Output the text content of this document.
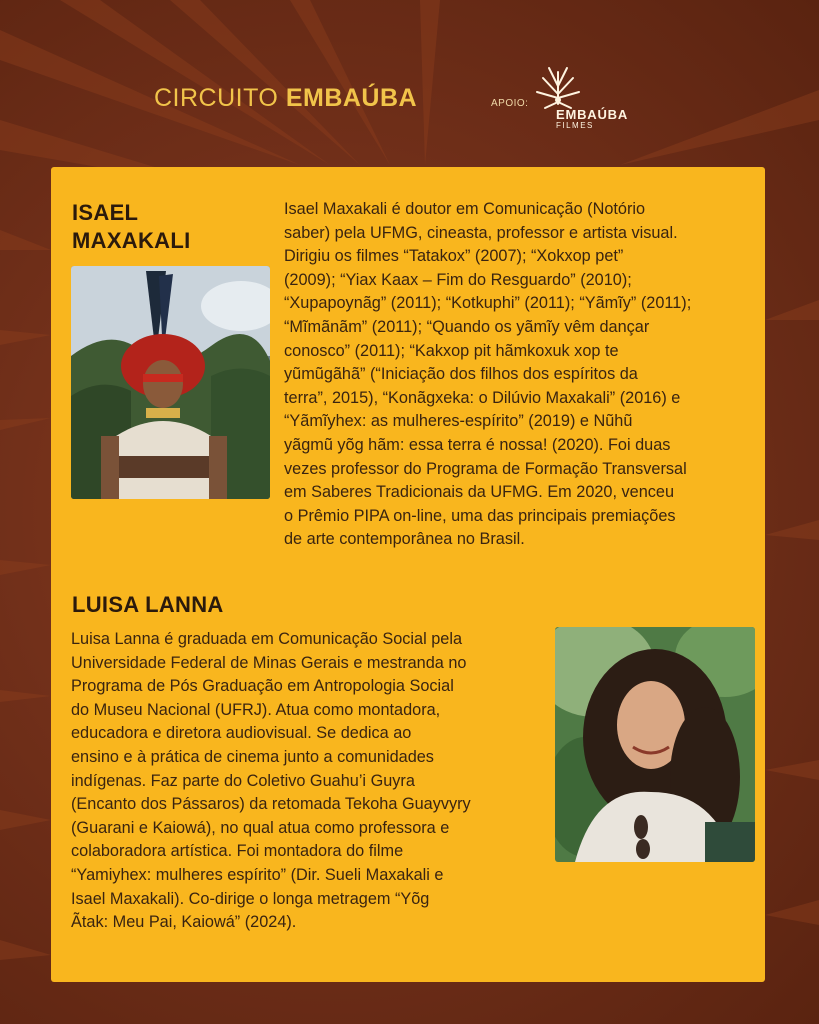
CIRCUITO EMBAÚBA	APOIO:
EMBAÚBA
FILMES
ISAEL
MAXAKALI
Isael Maxakali é doutor em Comunicação (Notório
saber) pela UFMG, cineasta, professor e artista visual.
Dirigiu os filmes “Tatakox” (2007); “Xokxop pet”
(2009); “Yiax Kaax – Fim do Resguardo” (2010);
“Xupapoynãg” (2011); “Kotkuphi” (2011); “Yãmĩy” (2011);
“Mĩmãnãm” (2011); “Quando os yãmĩy vêm dançar
conosco” (2011); “Kakxop pit hãmkoxuk xop te
yũmũgãhã” (“Iniciação dos filhos dos espíritos da
terra”, 2015), “Konãgxeka: o Dilúvio Maxakali” (2016) e
“Yãmĩyhex: as mulheres-espírito” (2019) e Nũhũ
yãgmũ yõg hãm: essa terra é nossa! (2020). Foi duas
vezes professor do Programa de Formação Transversal
em Saberes Tradicionais da UFMG. Em 2020, venceu
o Prêmio PIPA on-line, uma das principais premiações
de arte contemporânea no Brasil.
LUISA LANNA
Luisa Lanna é graduada em Comunicação Social pela
Universidade Federal de Minas Gerais e mestranda no
Programa de Pós Graduação em Antropologia Social
do Museu Nacional (UFRJ). Atua como montadora,
educadora e diretora audiovisual. Se dedica ao
ensino e à prática de cinema junto a comunidades
indígenas. Faz parte do Coletivo Guahu’i Guyra
(Encanto dos Pássaros) da retomada Tekoha Guayvyry
(Guarani e Kaiowá), no qual atua como professora e
colaboradora artística. Foi montadora do filme
“Yamiyhex: mulheres espírito” (Dir. Sueli Maxakali e
Isael Maxakali). Co-dirige o longa metragem “Yõg
Ãtak: Meu Pai, Kaiowá” (2024).
